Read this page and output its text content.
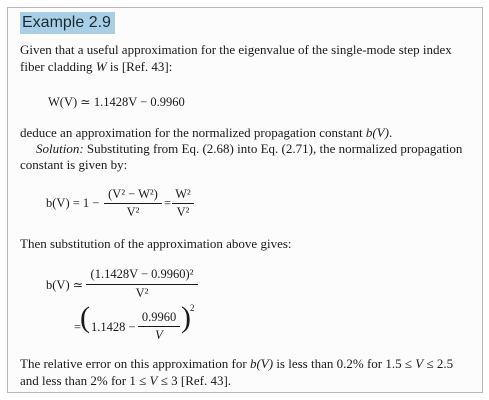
Example 2.9
Given that a useful approximation for the eigenvalue of the single-mode step index
fiber cladding W is [Ref. 43]:
W(V) ≃ 1.1428V − 0.9960
deduce an approximation for the normalized propagation constant b(V).
Solution: Substituting from Eq. (2.68) into Eq. (2.71), the normalized propagation
constant is given by:
b(V) = 1 −
(V² − W²)
V²
=
W²
V²
Then substitution of the approximation above gives:
b(V) ≃
(1.1428V − 0.9960)²
V²
=
( 1.1428 −
0.9960
V
) 2
The relative error on this approximation for b(V) is less than 0.2% for 1.5 ≤ V ≤ 2.5
and less than 2% for 1 ≤ V ≤ 3 [Ref. 43].
